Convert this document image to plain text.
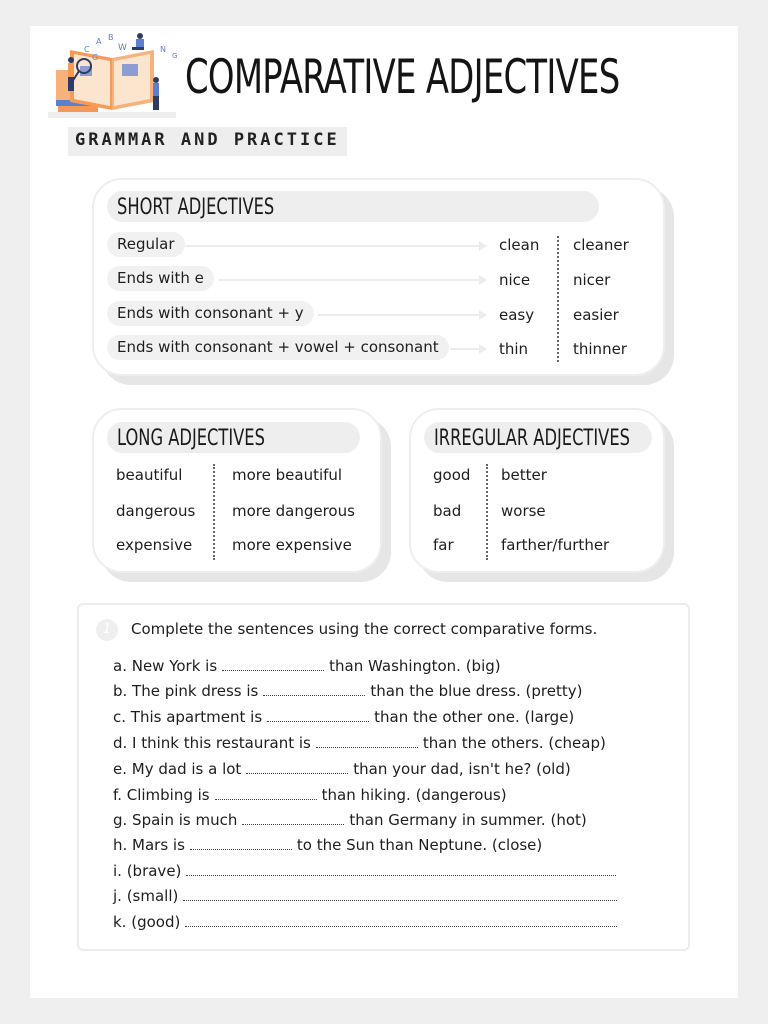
A
C
B
G
W	N
G COMPARATIVE ADJECTIVES
GRAMMAR AND PRACTICE
SHORT ADJECTIVES
Regular	clean cleaner
Ends with e	nice	nicer
Ends with consonant + y	easy	easier
Ends with consonant + vowel + consonant	thin	thinner
LONG ADJECTIVES
beautiful	more beautiful
dangerous more dangerous
expensive	more expensive
IRREGULAR ADJECTIVES
good better
bad	worse
far	farther/further
1	Complete the sentences using the correct comparative forms.
a. New York is	than Washington. (big)
b. The pink dress is	than the blue dress. (pretty)
c. This apartment is	than the other one. (large)
d. I think this restaurant is	than the others. (cheap)
e. My dad is a lot	than your dad, isn't he? (old)
f. Climbing is	than hiking. (dangerous)
g. Spain is much	than Germany in summer. (hot)
h. Mars is	to the Sun than Neptune. (close)
i. (brave)
j. (small)
k. (good)
